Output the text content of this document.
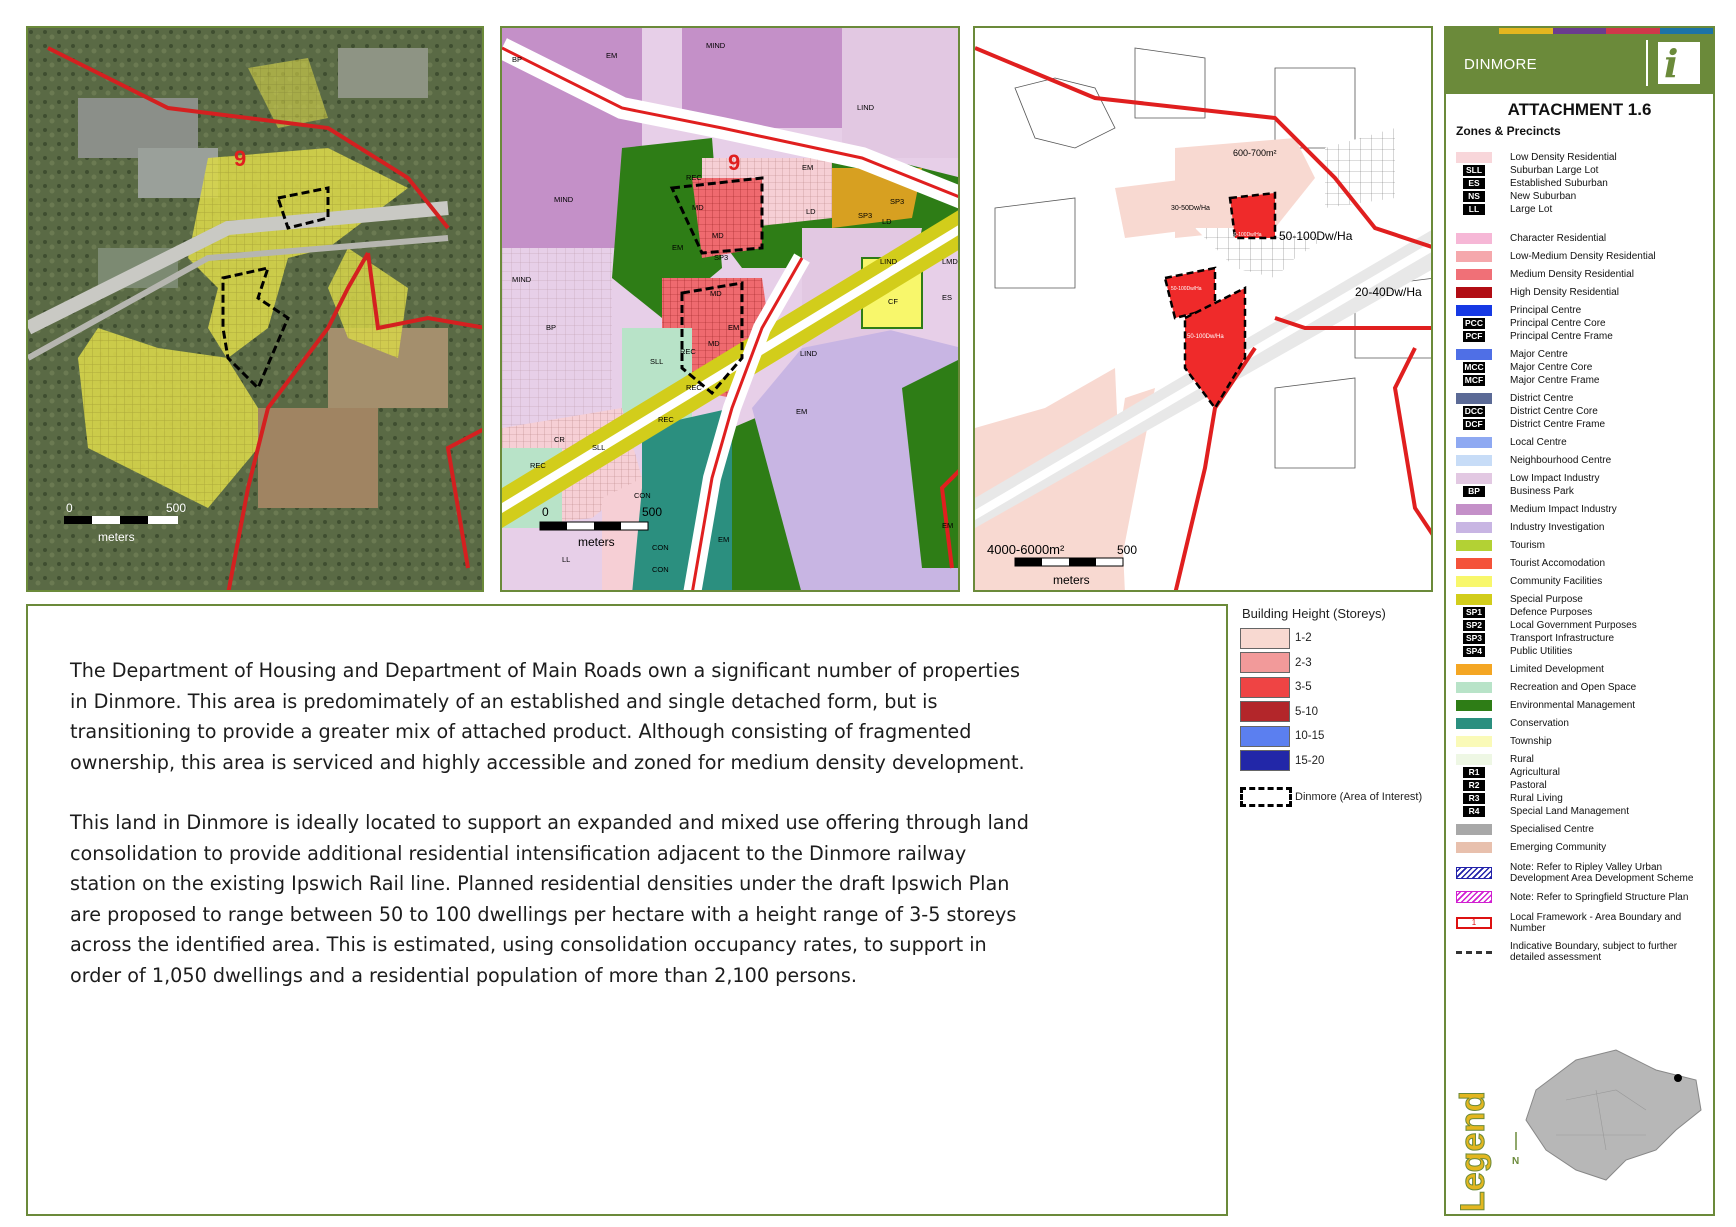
9
0	500
meters
MIND
EM
BP
MIND
LIND
REC
MD	LD
SP3
EM
LIND
CF
LMD
ES
EM
MD
REC
SLL
REC
LIND
EM
REC
CR
SLL
CON
LL
CON
CON
EM
EM
SP3
SP3
LD
MD
MD
EM
REC
BP
MIND
9
0	500
meters
600-700m²
30-50Dw/Ha
50-100Dw/Ha 50-100Dw/Ha
20-40Dw/Ha
50-100Dw/Ha
50-100Dw/Ha
4000-6000m²	500
meters

The Department of Housing and Department of Main Roads own a significant number of properties in Dinmore. This area is predomimately of an established and single detached form, but is transitioning to provide a greater mix of attached product. Although consisting of fragmented ownership, this area is serviced and highly accessible and zoned for medium density development.

This land in Dinmore is ideally located to support an expanded and mixed use offering through land consolidation to provide additional residential intensification adjacent to the Dinmore railway station on the existing Ipswich Rail line. Planned residential densities under the draft Ipswich Plan are proposed to range between 50 to 100 dwellings per hectare with a height range of 3-5 storeys across the identified area. This is estimated, using consolidation occupancy rates, to support in order of 1,050 dwellings and a residential population of more than 2,100 persons.

Building Height (Storeys)
1-2
2-3
3-5
5-10
10-15
15-20
Dinmore (Area of Interest)
DINMORE	i
ATTACHMENT 1.6
Zones & Precincts
Low Density Residential
SLL	Suburban Large Lot
ES	Established Suburban
NS	New Suburban
LL	Large Lot
Character Residential
Low-Medium Density Residential
Medium Density Residential
High Density Residential
Principal Centre
PCC	Principal Centre Core
PCF	Principal Centre Frame
Major Centre
MCC	Major Centre Core
MCF	Major Centre Frame
District Centre
DCC	District Centre Core
DCF	District Centre Frame
Local Centre
Neighbourhood Centre
Low Impact Industry
BP	Business Park
Medium Impact Industry
Industry Investigation
Tourism
Tourist Accomodation
Community Facilities
Special Purpose
SP1	Defence Purposes
SP2	Local Government Purposes
SP3	Transport Infrastructure
SP4	Public Utilities
Limited Development
Recreation and Open Space
Environmental Management
Conservation
Township
Rural
R1	Agricultural
R2	Pastoral
R3	Rural Living
R4	Special Land Management
Specialised Centre
Emerging Community
Note: Refer to Ripley Valley Urban Development Area Development Scheme
Note: Refer to Springfield Structure Plan
1	Local Framework - Area Boundary and Number
Indicative Boundary, subject to further detailed assessment
Legend N
